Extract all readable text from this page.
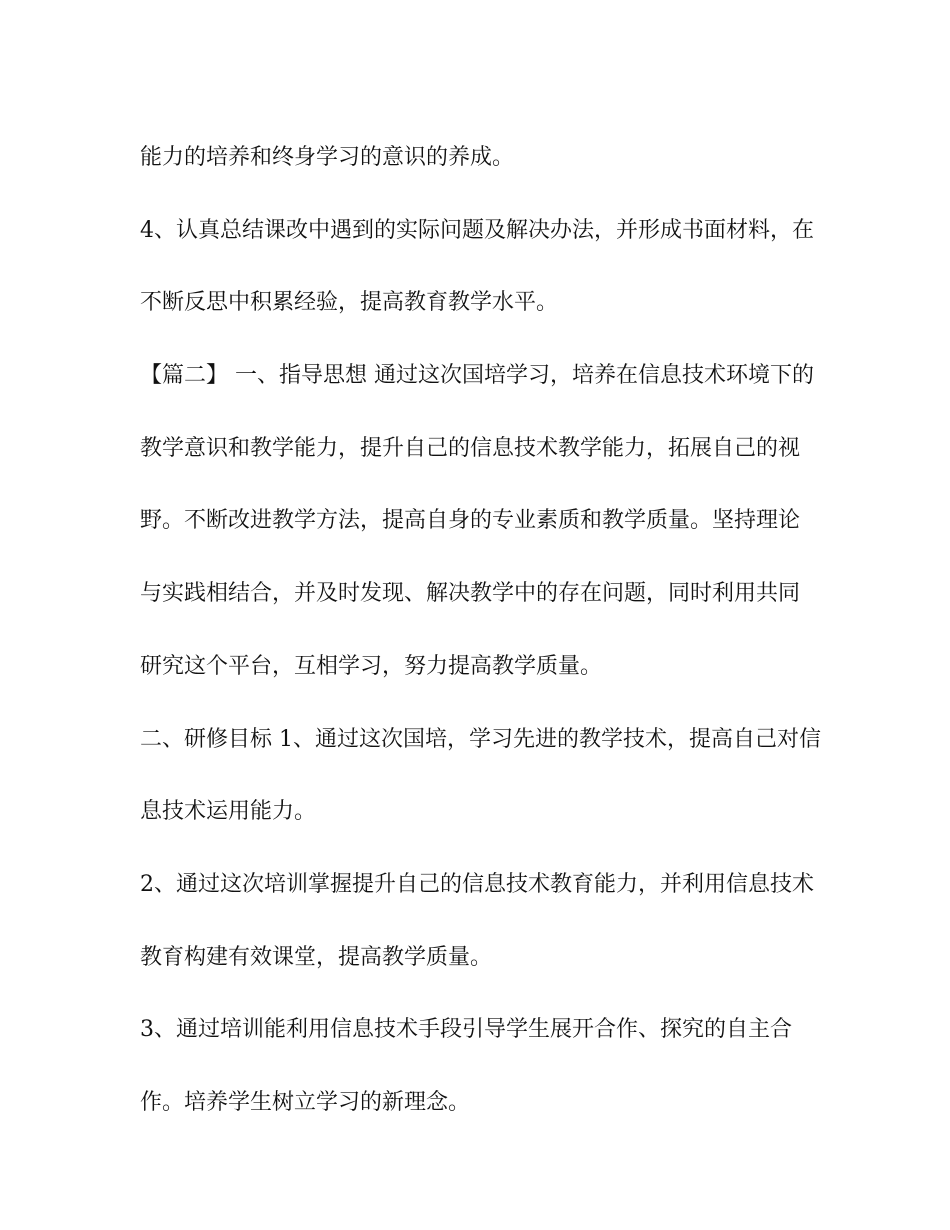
能力的培养和终身学习的意识的养成。
4、认真总结课改中遇到的实际问题及解决办法，并形成书面材料，在
不断反思中积累经验，提高教育教学水平。
【篇二】 一、指导思想 通过这次国培学习，培养在信息技术环境下的
教学意识和教学能力，提升自己的信息技术教学能力，拓展自己的视
野。不断改进教学方法，提高自身的专业素质和教学质量。坚持理论
与实践相结合，并及时发现、解决教学中的存在问题，同时利用共同
研究这个平台，互相学习，努力提高教学质量。
二、研修目标 1、通过这次国培，学习先进的教学技术，提高自己对信
息技术运用能力。
2、通过这次培训掌握提升自己的信息技术教育能力，并利用信息技术
教育构建有效课堂，提高教学质量。
3、通过培训能利用信息技术手段引导学生展开合作、探究的自主合
作。培养学生树立学习的新理念。
